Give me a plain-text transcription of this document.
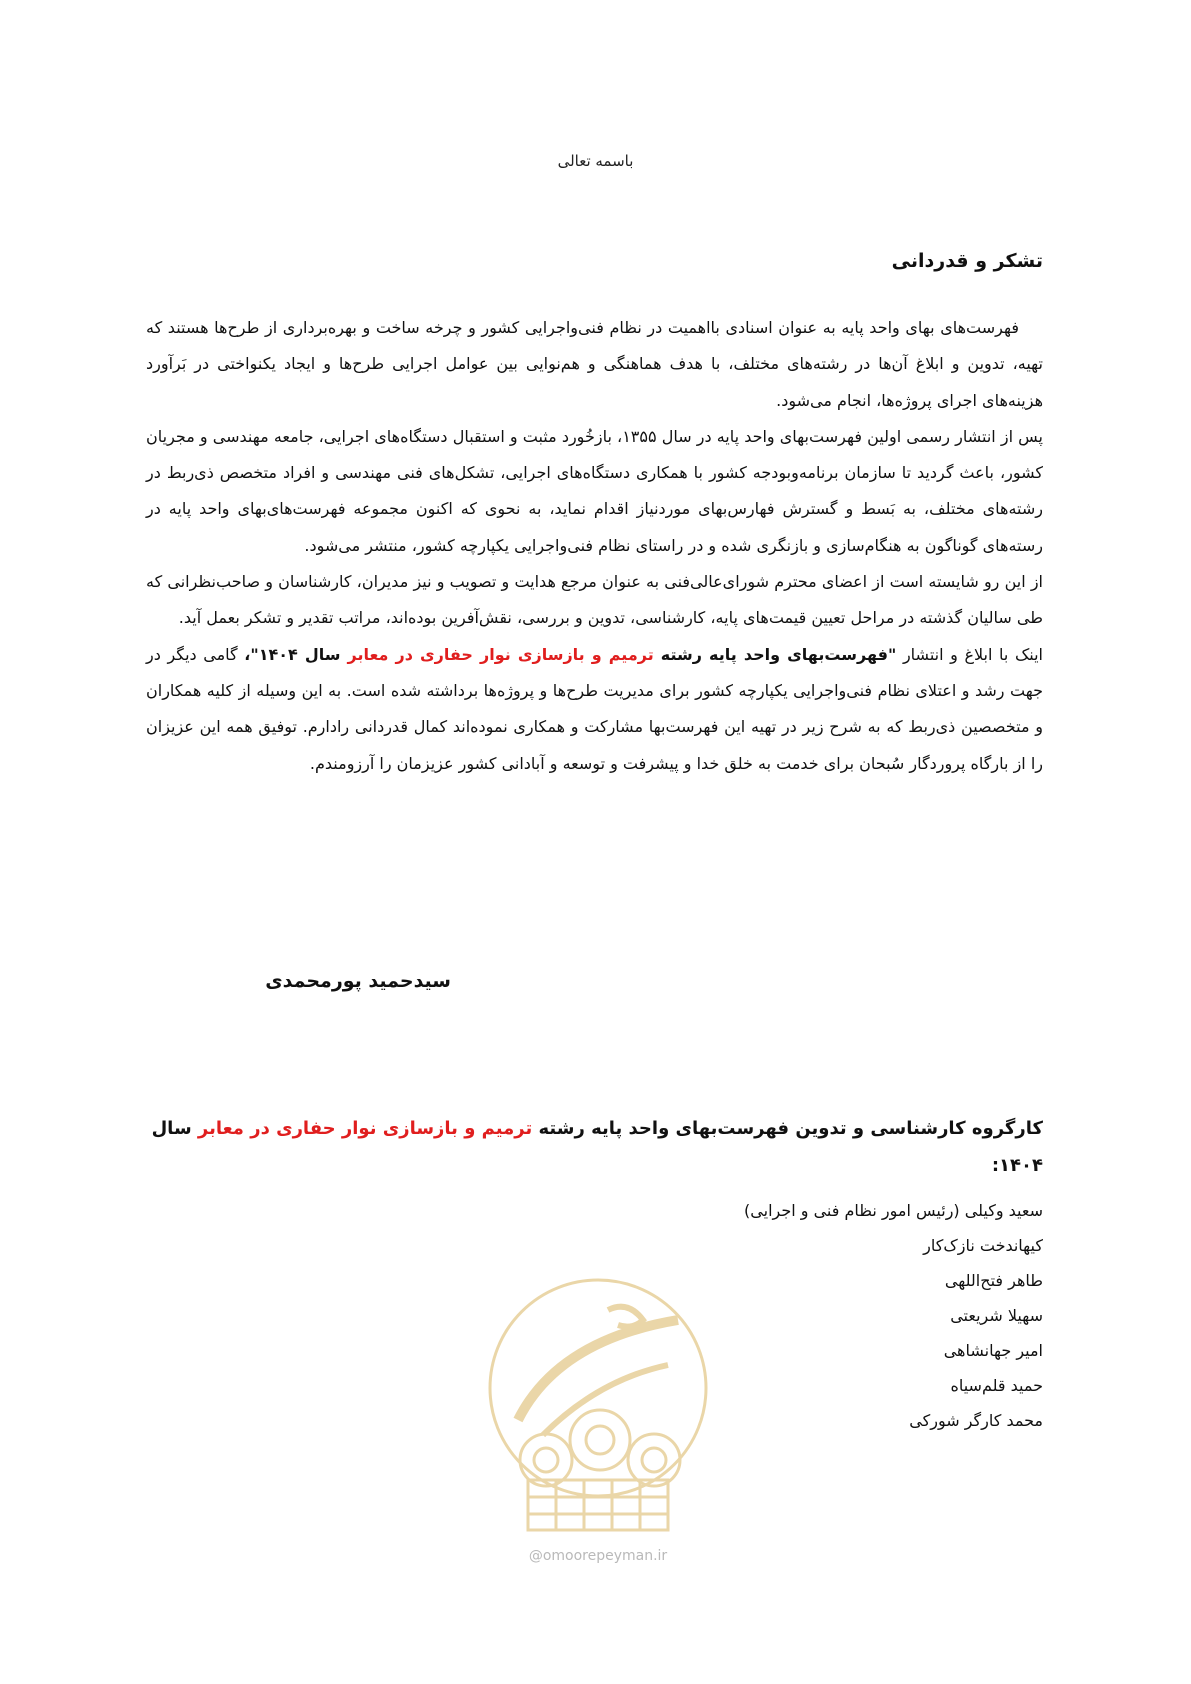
باسمه تعالی
تشکر و قدردانی

فهرست‌های بهای واحد پایه به عنوان اسنادی بااهمیت در نظام فنی‌واجرایی کشور و چرخه ساخت و بهره‌برداری از طرح‌ها هستند که تهیه، تدوین و ابلاغ آن‌ها در رشته‌های مختلف، با هدف هماهنگی و هم‌نوایی بین عوامل اجرایی طرح‌ها و ایجاد یکنواختی در بَرآورد هزینه‌های اجرای پروژه‌ها، انجام می‌شود.

پس از انتشار رسمی اولین فهرست‌بهای واحد پایه در سال ۱۳۵۵، بازخُورد مثبت و استقبال دستگاه‌های اجرایی، جامعه مهندسی و مجریان کشور، باعث گردید تا سازمان برنامه‌وبودجه کشور با همکاری دستگاه‌های اجرایی، تشکل‌های فنی مهندسی و افراد متخصص ذی‌ربط در رشته‌های مختلف، به بَسط و گسترش فهارس‌بهای موردنیاز اقدام نماید، به نحوی که اکنون مجموعه فهرست‌های‌بهای واحد پایه در رسته‌های گوناگون به هنگام‌سازی و بازنگری شده و در راستای نظام فنی‌واجرایی یکپارچه کشور، منتشر می‌شود.

از این رو شایسته است از اعضای محترم شورای‌عالی‌فنی به عنوان مرجع هدایت و تصویب و نیز مدیران، کارشناسان و صاحب‌نظرانی که طی سالیان گذشته در مراحل تعیین قیمت‌های پایه، کارشناسی، تدوین و بررسی، نقش‌آفرین بوده‌اند، مراتب تقدیر و تشکر بعمل آید.

اینک با ابلاغ و انتشار "فهرست‌بهای واحد پایه رشته ترمیم و بازسازی نوار حفاری در معابر سال ۱۴۰۴"، گامی دیگر در جهت رشد و اعتلای نظام فنی‌واجرایی یکپارچه کشور برای مدیریت طرح‌ها و پروژه‌ها برداشته شده است. به این وسیله از کلیه همکاران و متخصصین ذی‌ربط که به شرح زیر در تهیه این فهرست‌بها مشارکت و همکاری نموده‌اند کمال قدردانی رادارم. توفیق همه این عزیزان را از بارگاه پروردگار سُبحان برای خدمت به خلق خدا و پیشرفت و توسعه و آبادانی کشور عزیزمان را آرزومندم.

سیدحمید پورمحمدی
کارگروه کارشناسی و تدوین فهرست‌بهای واحد پایه رشته ترمیم و بازسازی نوار حفاری در معابر سال ۱۴۰۴:
سعید وکیلی (رئیس امور نظام فنی و اجرایی)
کیهاندخت نازک‌کار
طاهر فتح‌اللهی
سهیلا شریعتی
امیر جهانشاهی
حمید قلم‌سیاه
محمد کارگر شورکی
@omoorepeyman.ir
